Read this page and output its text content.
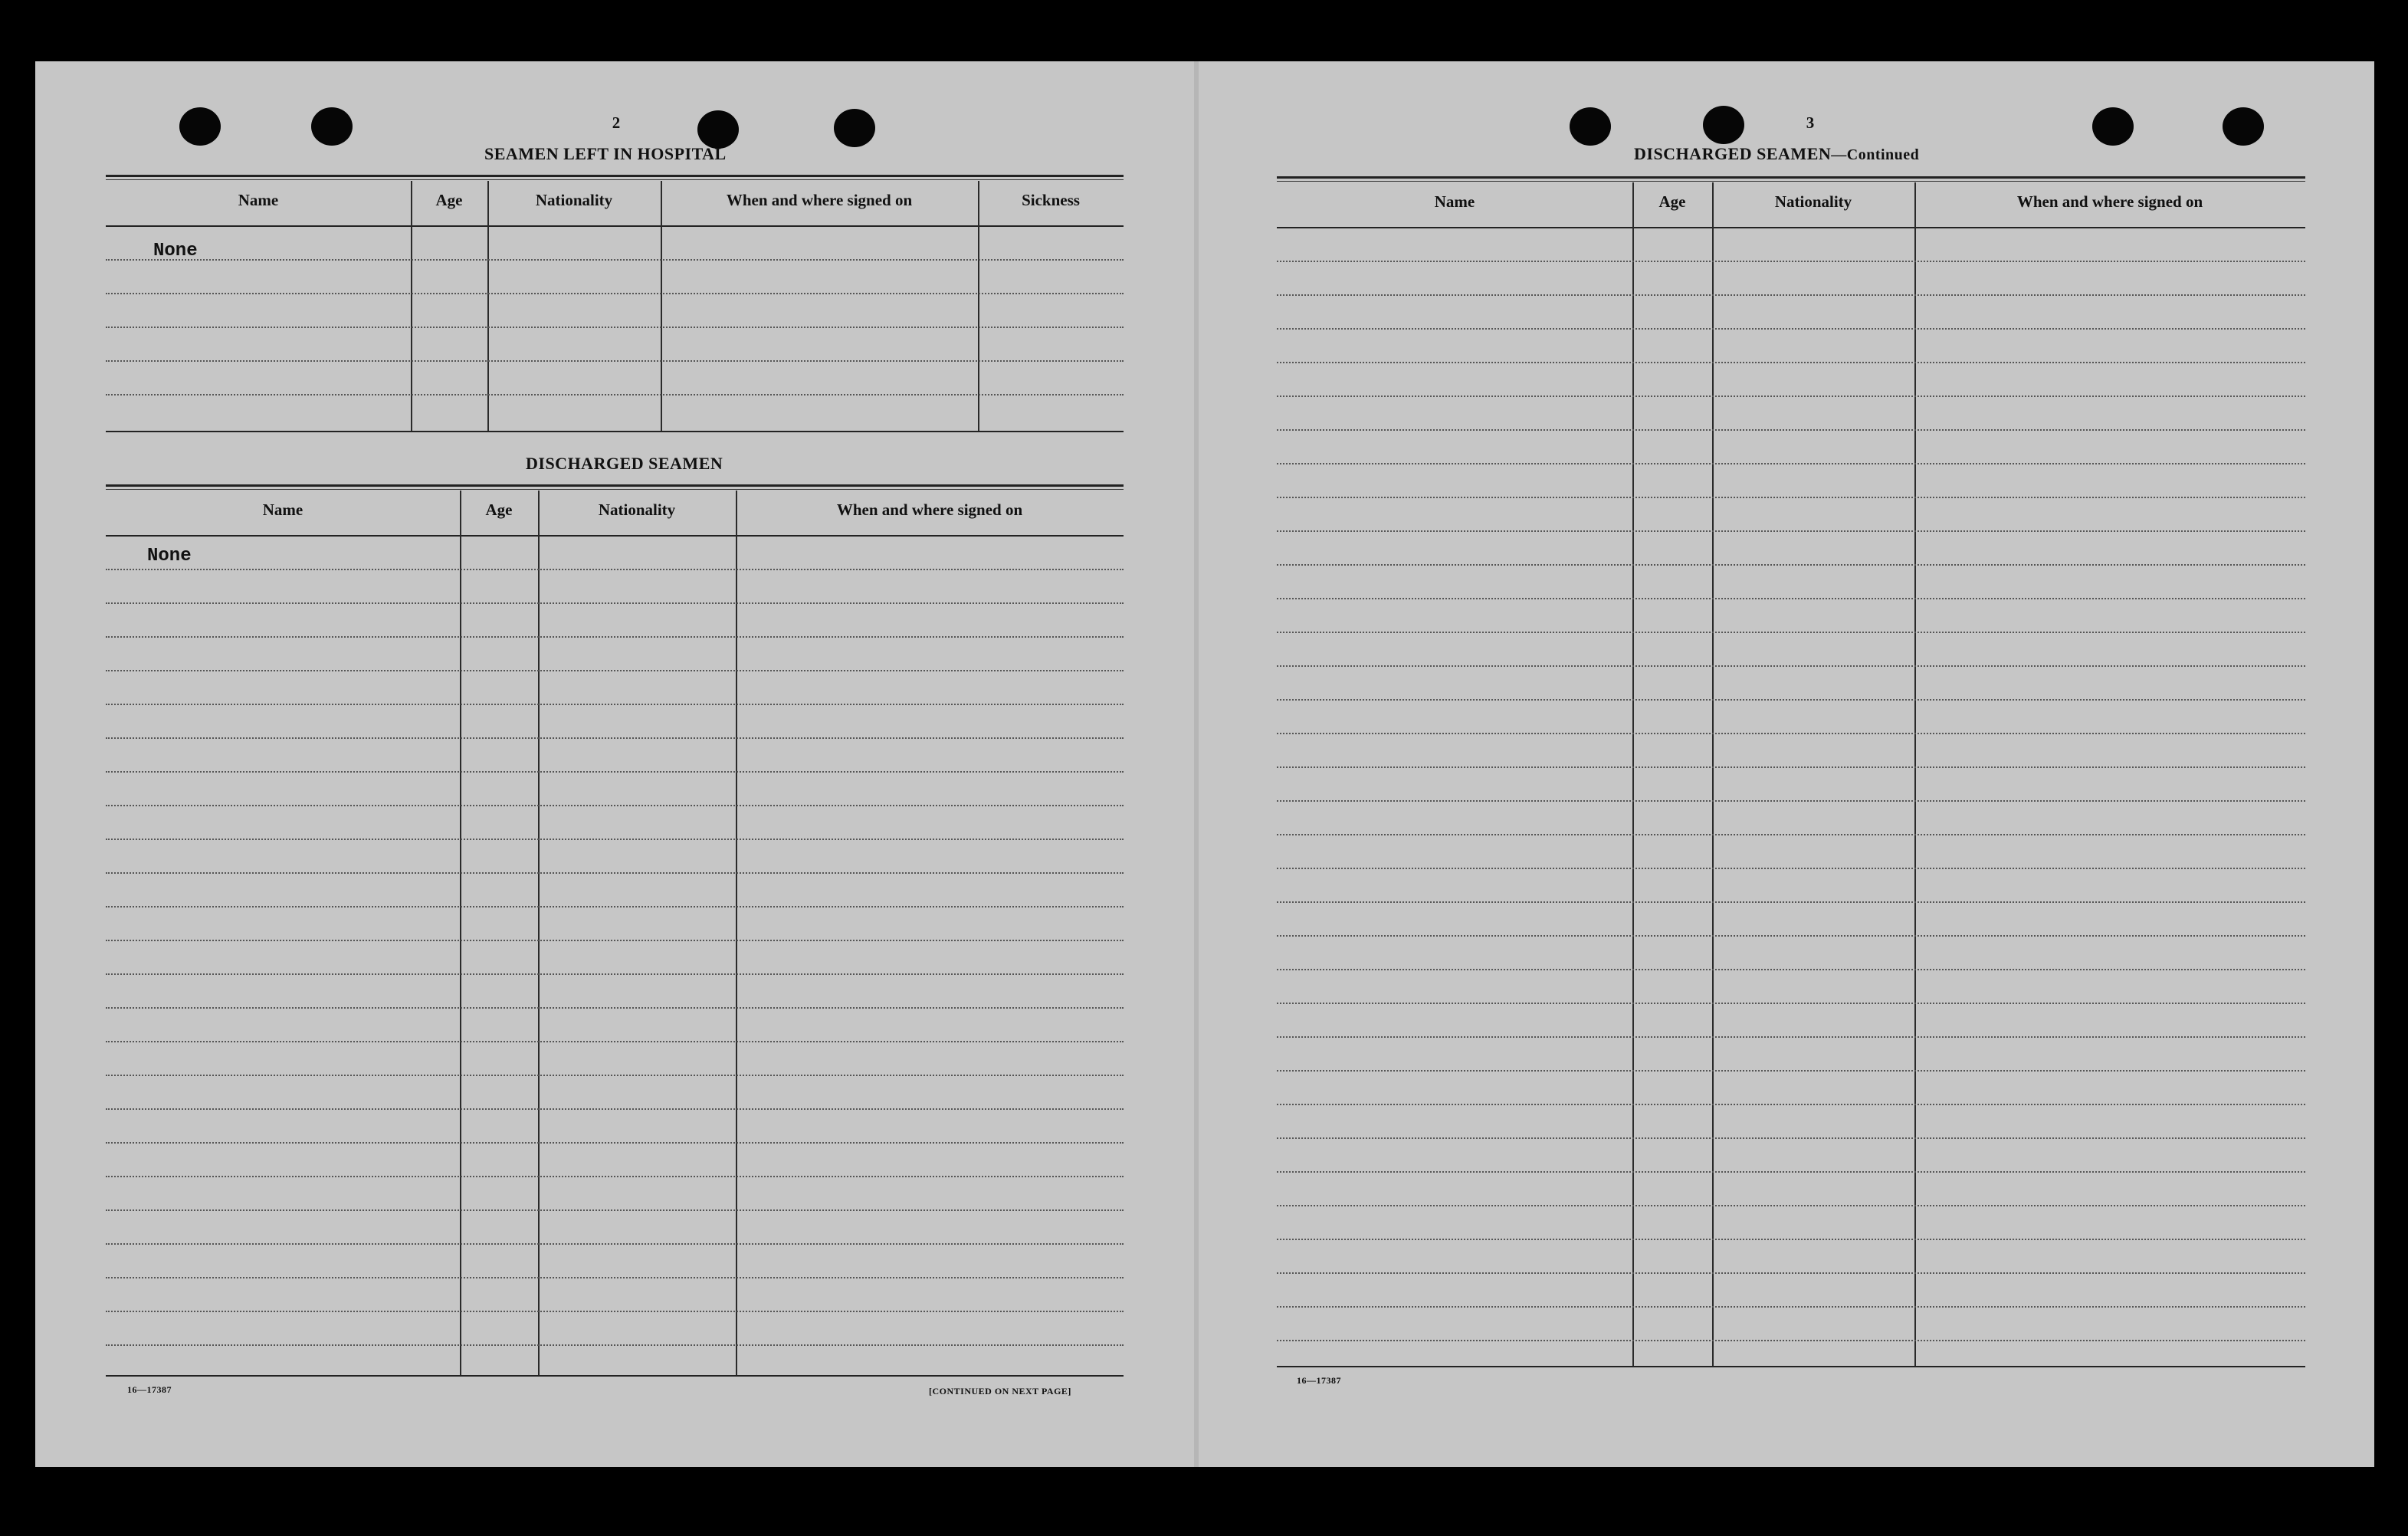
2
SEAMEN LEFT IN HOSPITAL
DISCHARGED SEAMEN
None
None
16—17387	[CONTINUED ON NEXT PAGE]
3
DISCHARGED SEAMEN—Continued
16—17387
Name	Age	Nationality	When and where signed on	Sickness
Name	Age	Nationality	When and where signed on
Name	Age	Nationality	When and where signed on
